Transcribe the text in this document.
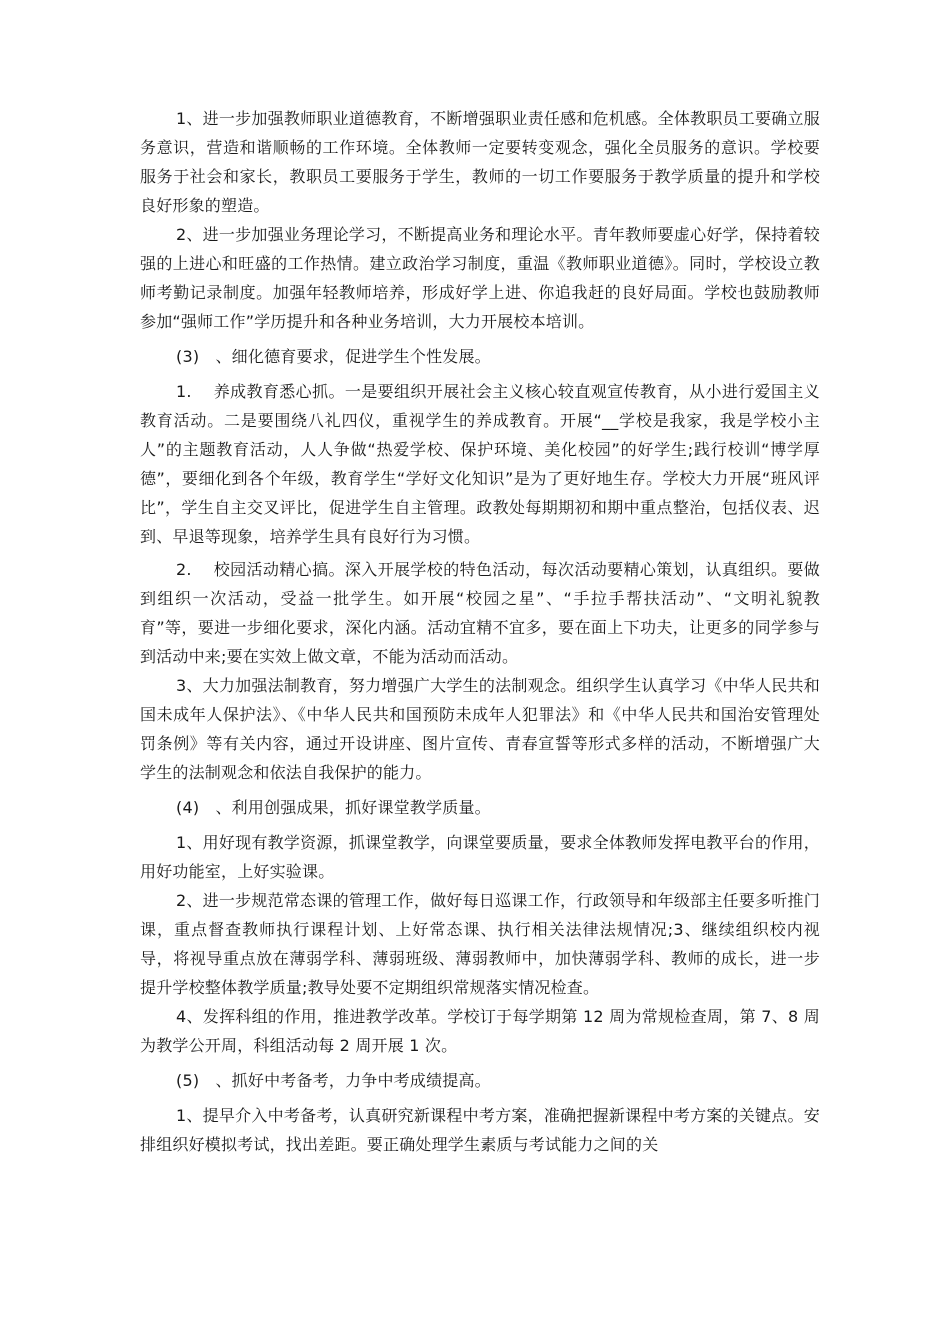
1、进一步加强教师职业道德教育，不断增强职业责任感和危机感。全体教职员工要确立服务意识，营造和谐顺畅的工作环境。全体教师一定要转变观念，强化全员服务的意识。学校要服务于社会和家长，教职员工要服务于学生，教师的一切工作要服务于教学质量的提升和学校良好形象的塑造。

2、进一步加强业务理论学习，不断提高业务和理论水平。青年教师要虚心好学，保持着较强的上进心和旺盛的工作热情。建立政治学习制度，重温《教师职业道德》。同时，学校设立教师考勤记录制度。加强年轻教师培养，形成好学上进、你追我赶的良好局面。学校也鼓励教师参加“强师工作”学历提升和各种业务培训，大力开展校本培训。

(3)　、细化德育要求，促进学生个性发展。

1.　 养成教育悉心抓。一是要组织开展社会主义核心较直观宣传教育，从小进行爱国主义教育活动。二是要围绕八礼四仪，重视学生的养成教育。开展“__学校是我家，我是学校小主人”的主题教育活动，人人争做“热爱学校、保护环境、美化校园”的好学生;践行校训“博学厚德”，要细化到各个年级，教育学生“学好文化知识”是为了更好地生存。学校大力开展“班风评比”，学生自主交叉评比，促进学生自主管理。政教处每期期初和期中重点整治，包括仪表、迟到、早退等现象，培养学生具有良好行为习惯。

2.　 校园活动精心搞。深入开展学校的特色活动，每次活动要精心策划，认真组织。要做到组织一次活动，受益一批学生。如开展“校园之星”、“手拉手帮扶活动”、“文明礼貌教育”等，要进一步细化要求，深化内涵。活动宜精不宜多，要在面上下功夫，让更多的同学参与到活动中来;要在实效上做文章，不能为活动而活动。

3、大力加强法制教育，努力增强广大学生的法制观念。组织学生认真学习《中华人民共和国未成年人保护法》、《中华人民共和国预防未成年人犯罪法》和《中华人民共和国治安管理处罚条例》等有关内容，通过开设讲座、图片宣传、青春宣誓等形式多样的活动，不断增强广大学生的法制观念和依法自我保护的能力。

(4)　、利用创强成果，抓好课堂教学质量。

1、用好现有教学资源，抓课堂教学，向课堂要质量，要求全体教师发挥电教平台的作用，用好功能室，上好实验课。

2、进一步规范常态课的管理工作，做好每日巡课工作，行政领导和年级部主任要多听推门课，重点督查教师执行课程计划、上好常态课、执行相关法律法规情况;3、继续组织校内视导，将视导重点放在薄弱学科、薄弱班级、薄弱教师中，加快薄弱学科、教师的成长，进一步提升学校整体教学质量;教导处要不定期组织常规落实情况检查。

4、发挥科组的作用，推进教学改革。学校订于每学期第 12 周为常规检查周，第 7、8 周为教学公开周，科组活动每 2 周开展 1 次。

(5)　、抓好中考备考，力争中考成绩提高。

1、提早介入中考备考，认真研究新课程中考方案，准确把握新课程中考方案的关键点。安排组织好模拟考试，找出差距。要正确处理学生素质与考试能力之间的关
